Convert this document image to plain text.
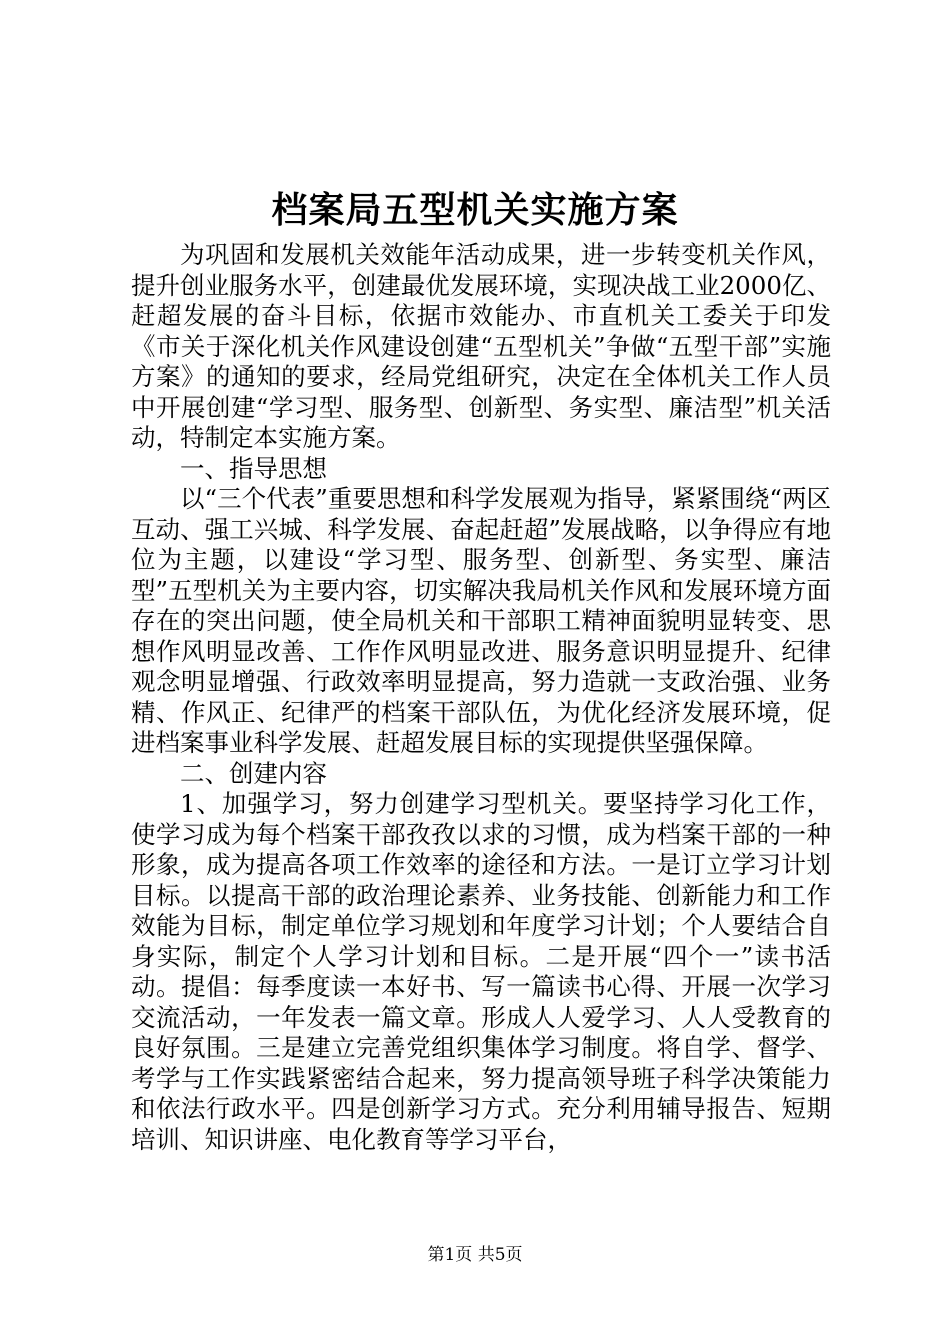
档案局五型机关实施方案

为巩固和发展机关效能年活动成果，进一步转变机关作风，提升创业服务水平，创建最优发展环境，实现决战工业2000亿、赶超发展的奋斗目标，依据市效能办、市直机关工委关于印发《市关于深化机关作风建设创建“五型机关”争做“五型干部”实施方案》的通知的要求，经局党组研究，决定在全体机关工作人员中开展创建“学习型、服务型、创新型、务实型、廉洁型”机关活动，特制定本实施方案。

一、指导思想

以“三个代表”重要思想和科学发展观为指导，紧紧围绕“两区互动、强工兴城、科学发展、奋起赶超”发展战略，以争得应有地位为主题，以建设“学习型、服务型、创新型、务实型、廉洁型”五型机关为主要内容，切实解决我局机关作风和发展环境方面存在的突出问题，使全局机关和干部职工精神面貌明显转变、思想作风明显改善、工作作风明显改进、服务意识明显提升、纪律观念明显增强、行政效率明显提高，努力造就一支政治强、业务精、作风正、纪律严的档案干部队伍，为优化经济发展环境，促进档案事业科学发展、赶超发展目标的实现提供坚强保障。

二、创建内容

1、加强学习，努力创建学习型机关。要坚持学习化工作，使学习成为每个档案干部孜孜以求的习惯，成为档案干部的一种形象，成为提高各项工作效率的途径和方法。一是订立学习计划目标。以提高干部的政治理论素养、业务技能、创新能力和工作效能为目标，制定单位学习规划和年度学习计划；个人要结合自身实际，制定个人学习计划和目标。二是开展“四个一”读书活动。提倡：每季度读一本好书、写一篇读书心得、开展一次学习交流活动，一年发表一篇文章。形成人人爱学习、人人受教育的良好氛围。三是建立完善党组织集体学习制度。将自学、督学、考学与工作实践紧密结合起来，努力提高领导班子科学决策能力和依法行政水平。四是创新学习方式。充分利用辅导报告、短期培训、知识讲座、电化教育等学习平台，

第1页 共5页
